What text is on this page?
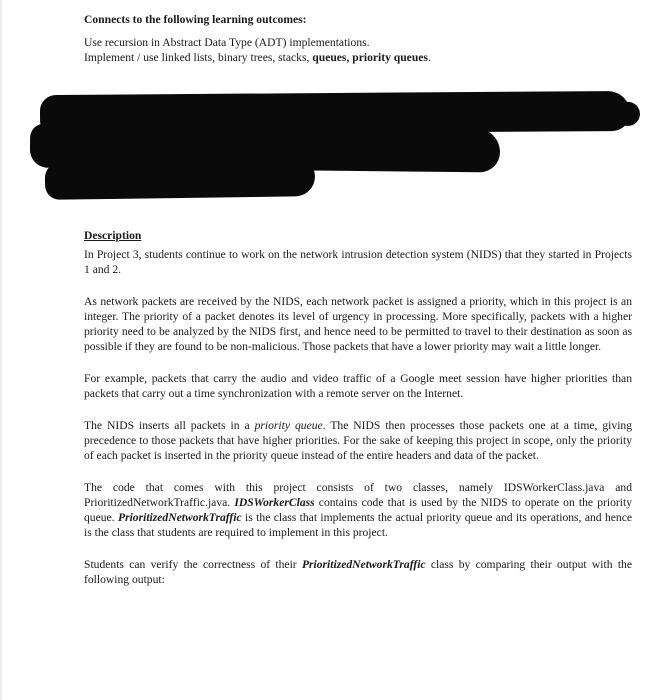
Connects to the following learning outcomes:
Use recursion in Abstract Data Type (ADT) implementations.
Implement / use linked lists, binary trees, stacks, queues, priority queues.
Description

In Project 3, students continue to work on the network intrusion detection system (NIDS) that they started in Projects 1 and 2.

As network packets are received by the NIDS, each network packet is assigned a priority, which in this project is an integer. The priority of a packet denotes its level of urgency in processing. More specifically, packets with a higher priority need to be analyzed by the NIDS first, and hence need to be permitted to travel to their destination as soon as possible if they are found to be non-malicious. Those packets that have a lower priority may wait a little longer.

For example, packets that carry the audio and video traffic of a Google meet session have higher priorities than packets that carry out a time synchronization with a remote server on the Internet.

The NIDS inserts all packets in a priority queue. The NIDS then processes those packets one at a time, giving precedence to those packets that have higher priorities. For the sake of keeping this project in scope, only the priority of each packet is inserted in the priority queue instead of the entire headers and data of the packet.

The code that comes with this project consists of two classes, namely IDSWorkerClass.java and PrioritizedNetworkTraffic.java. IDSWorkerClass contains code that is used by the NIDS to operate on the priority queue. PrioritizedNetworkTraffic is the class that implements the actual priority queue and its operations, and hence is the class that students are required to implement in this project.

Students can verify the correctness of their PrioritizedNetworkTraffic class by comparing their output with the following output:
